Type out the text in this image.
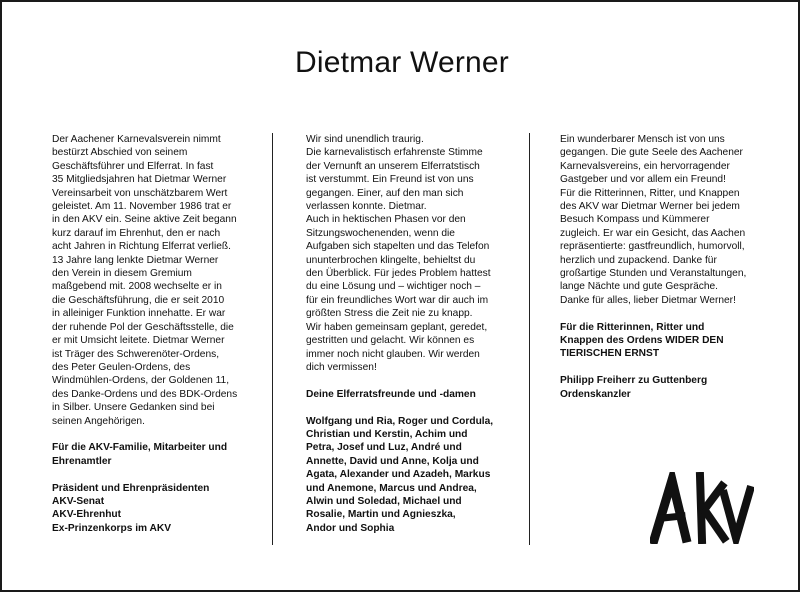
Dietmar Werner

Der Aachener Karnevalsverein nimmt
bestürzt Abschied von seinem
Geschäftsführer und Elferrat. In fast
35 Mitgliedsjahren hat Dietmar Werner
Vereinsarbeit von unschätzbarem Wert
geleistet. Am 11. November 1986 trat er
in den AKV ein. Seine aktive Zeit begann
kurz darauf im Ehrenhut, den er nach
acht Jahren in Richtung Elferrat verließ.
13 Jahre lang lenkte Dietmar Werner
den Verein in diesem Gremium
maßgebend mit. 2008 wechselte er in
die Geschäftsführung, die er seit 2010
in alleiniger Funktion innehatte. Er war
der ruhende Pol der Geschäftsstelle, die
er mit Umsicht leitete. Dietmar Werner
ist Träger des Schwerenöter-Ordens,
des Peter Geulen-Ordens, des
Windmühlen-Ordens, der Goldenen 11,
des Danke-Ordens und des BDK-Ordens
in Silber. Unsere Gedanken sind bei
seinen Angehörigen.

Für die AKV-Familie, Mitarbeiter und
Ehrenamtler

Präsident und Ehrenpräsidenten
AKV-Senat
AKV-Ehrenhut
Ex-Prinzenkorps im AKV

Wir sind unendlich traurig.
Die karnevalistisch erfahrenste Stimme
der Vernunft an unserem Elferratstisch
ist verstummt. Ein Freund ist von uns
gegangen. Einer, auf den man sich
verlassen konnte. Dietmar.
Auch in hektischen Phasen vor den
Sitzungswochenenden, wenn die
Aufgaben sich stapelten und das Telefon
ununterbrochen klingelte, behieltst du
den Überblick. Für jedes Problem hattest
du eine Lösung und – wichtiger noch –
für ein freundliches Wort war dir auch im
größten Stress die Zeit nie zu knapp.
Wir haben gemeinsam geplant, geredet,
gestritten und gelacht. Wir können es
immer noch nicht glauben. Wir werden
dich vermissen!

Deine Elferratsfreunde und -damen

Wolfgang und Ria, Roger und Cordula,
Christian und Kerstin, Achim und
Petra, Josef und Luz, André und
Annette, David und Anne, Kolja und
Agata, Alexander und Azadeh, Markus
und Anemone, Marcus und Andrea,
Alwin und Soledad, Michael und
Rosalie, Martin und Agnieszka,
Andor und Sophia

Ein wunderbarer Mensch ist von uns
gegangen. Die gute Seele des Aachener
Karnevalsvereins, ein hervorragender
Gastgeber und vor allem ein Freund!
Für die Ritterinnen, Ritter, und Knappen
des AKV war Dietmar Werner bei jedem
Besuch Kompass und Kümmerer
zugleich. Er war ein Gesicht, das Aachen
repräsentierte: gastfreundlich, humorvoll,
herzlich und zupackend. Danke für
großartige Stunden und Veranstaltungen,
lange Nächte und gute Gespräche.
Danke für alles, lieber Dietmar Werner!

Für die Ritterinnen, Ritter und
Knappen des Ordens WIDER DEN
TIERISCHEN ERNST

Philipp Freiherr zu Guttenberg
Ordenskanzler
